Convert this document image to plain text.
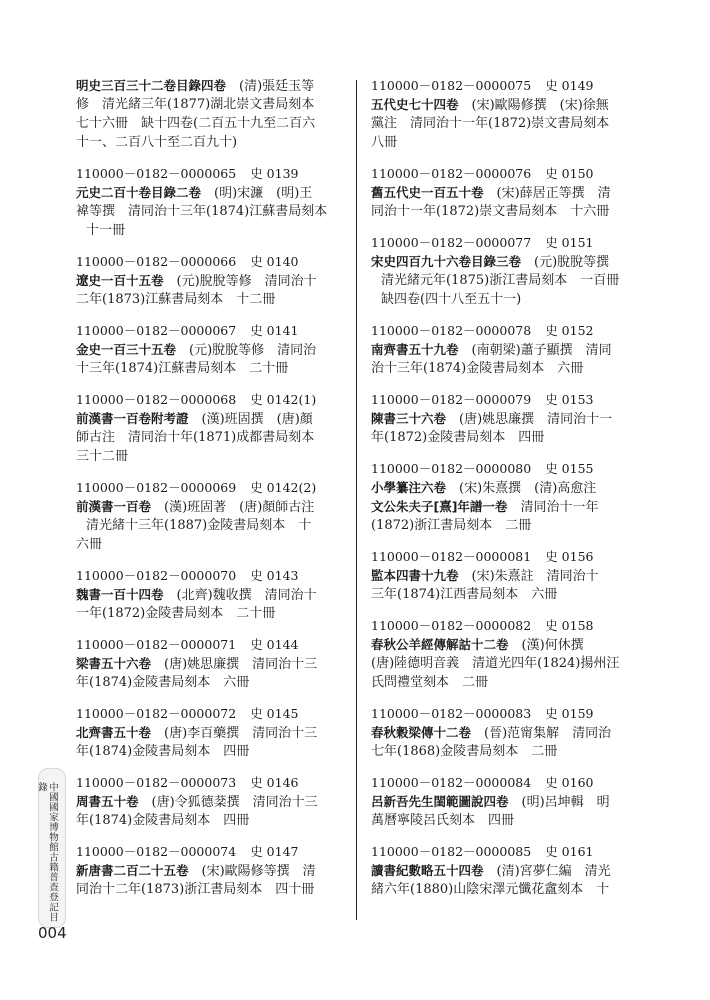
明史三百三十二卷目錄四卷　(清)張廷玉等
修　清光緒三年(1877)湖北崇文書局刻本
七十六冊　缺十四卷(二百五十九至二百六
十一、二百八十至二百九十)
110000－0182－0000065 史 0139
元史二百十卷目錄二卷　(明)宋濂　(明)王
褘等撰　清同治十三年(1874)江蘇書局刻本
十一冊
110000－0182－0000066 史 0140
遼史一百十五卷　(元)脫脫等修　清同治十
二年(1873)江蘇書局刻本　十二冊
110000－0182－0000067 史 0141
金史一百三十五卷　(元)脫脫等修　清同治
十三年(1874)江蘇書局刻本　二十冊
110000－0182－0000068 史 0142(1)
前漢書一百卷附考證　(漢)班固撰　(唐)顏
師古注　清同治十年(1871)成都書局刻本
三十二冊
110000－0182－0000069 史 0142(2)
前漢書一百卷　(漢)班固著　(唐)顏師古注
清光緒十三年(1887)金陵書局刻本　十
六冊
110000－0182－0000070 史 0143
魏書一百十四卷　(北齊)魏收撰　清同治十
一年(1872)金陵書局刻本　二十冊
110000－0182－0000071 史 0144
梁書五十六卷　(唐)姚思廉撰　清同治十三
年(1874)金陵書局刻本　六冊
110000－0182－0000072 史 0145
北齊書五十卷　(唐)李百藥撰　清同治十三
年(1874)金陵書局刻本　四冊
110000－0182－0000073 史 0146
周書五十卷　(唐)令狐德棻撰　清同治十三
年(1874)金陵書局刻本　四冊
110000－0182－0000074 史 0147
新唐書二百二十五卷　(宋)歐陽修等撰　清
同治十二年(1873)浙江書局刻本　四十冊
110000－0182－0000075 史 0149
五代史七十四卷　(宋)歐陽修撰　(宋)徐無
黨注　清同治十一年(1872)崇文書局刻本
八冊
110000－0182－0000076 史 0150
舊五代史一百五十卷　(宋)薛居正等撰　清
同治十一年(1872)崇文書局刻本　十六冊
110000－0182－0000077 史 0151
宋史四百九十六卷目錄三卷　(元)脫脫等撰
清光緒元年(1875)浙江書局刻本　一百冊
缺四卷(四十八至五十一)
110000－0182－0000078 史 0152
南齊書五十九卷　(南朝梁)蕭子顯撰　清同
治十三年(1874)金陵書局刻本　六冊
110000－0182－0000079 史 0153
陳書三十六卷　(唐)姚思廉撰　清同治十一
年(1872)金陵書局刻本　四冊
110000－0182－0000080 史 0155
小學纂注六卷　(宋)朱熹撰　(清)高愈注
文公朱夫子[熹]年譜一卷　清同治十一年
(1872)浙江書局刻本　二冊
110000－0182－0000081 史 0156
監本四書十九卷　(宋)朱熹註　清同治十
三年(1874)江西書局刻本　六冊
110000－0182－0000082 史 0158
春秋公羊經傳解詁十二卷　(漢)何休撰
(唐)陸德明音義　清道光四年(1824)揚州汪
氏問禮堂刻本　二冊
110000－0182－0000083 史 0159
春秋穀梁傳十二卷　(晉)范甯集解　清同治
七年(1868)金陵書局刻本　二冊
110000－0182－0000084 史 0160
呂新吾先生閨範圖說四卷　(明)呂坤輯　明
萬曆寧陵呂氏刻本　四冊
110000－0182－0000085 史 0161
讀書紀數略五十四卷　(清)宮夢仁編　清光
緒六年(1880)山陰宋澤元懺花盦刻本　十
中國國家博物館古籍普查登記目錄
004
